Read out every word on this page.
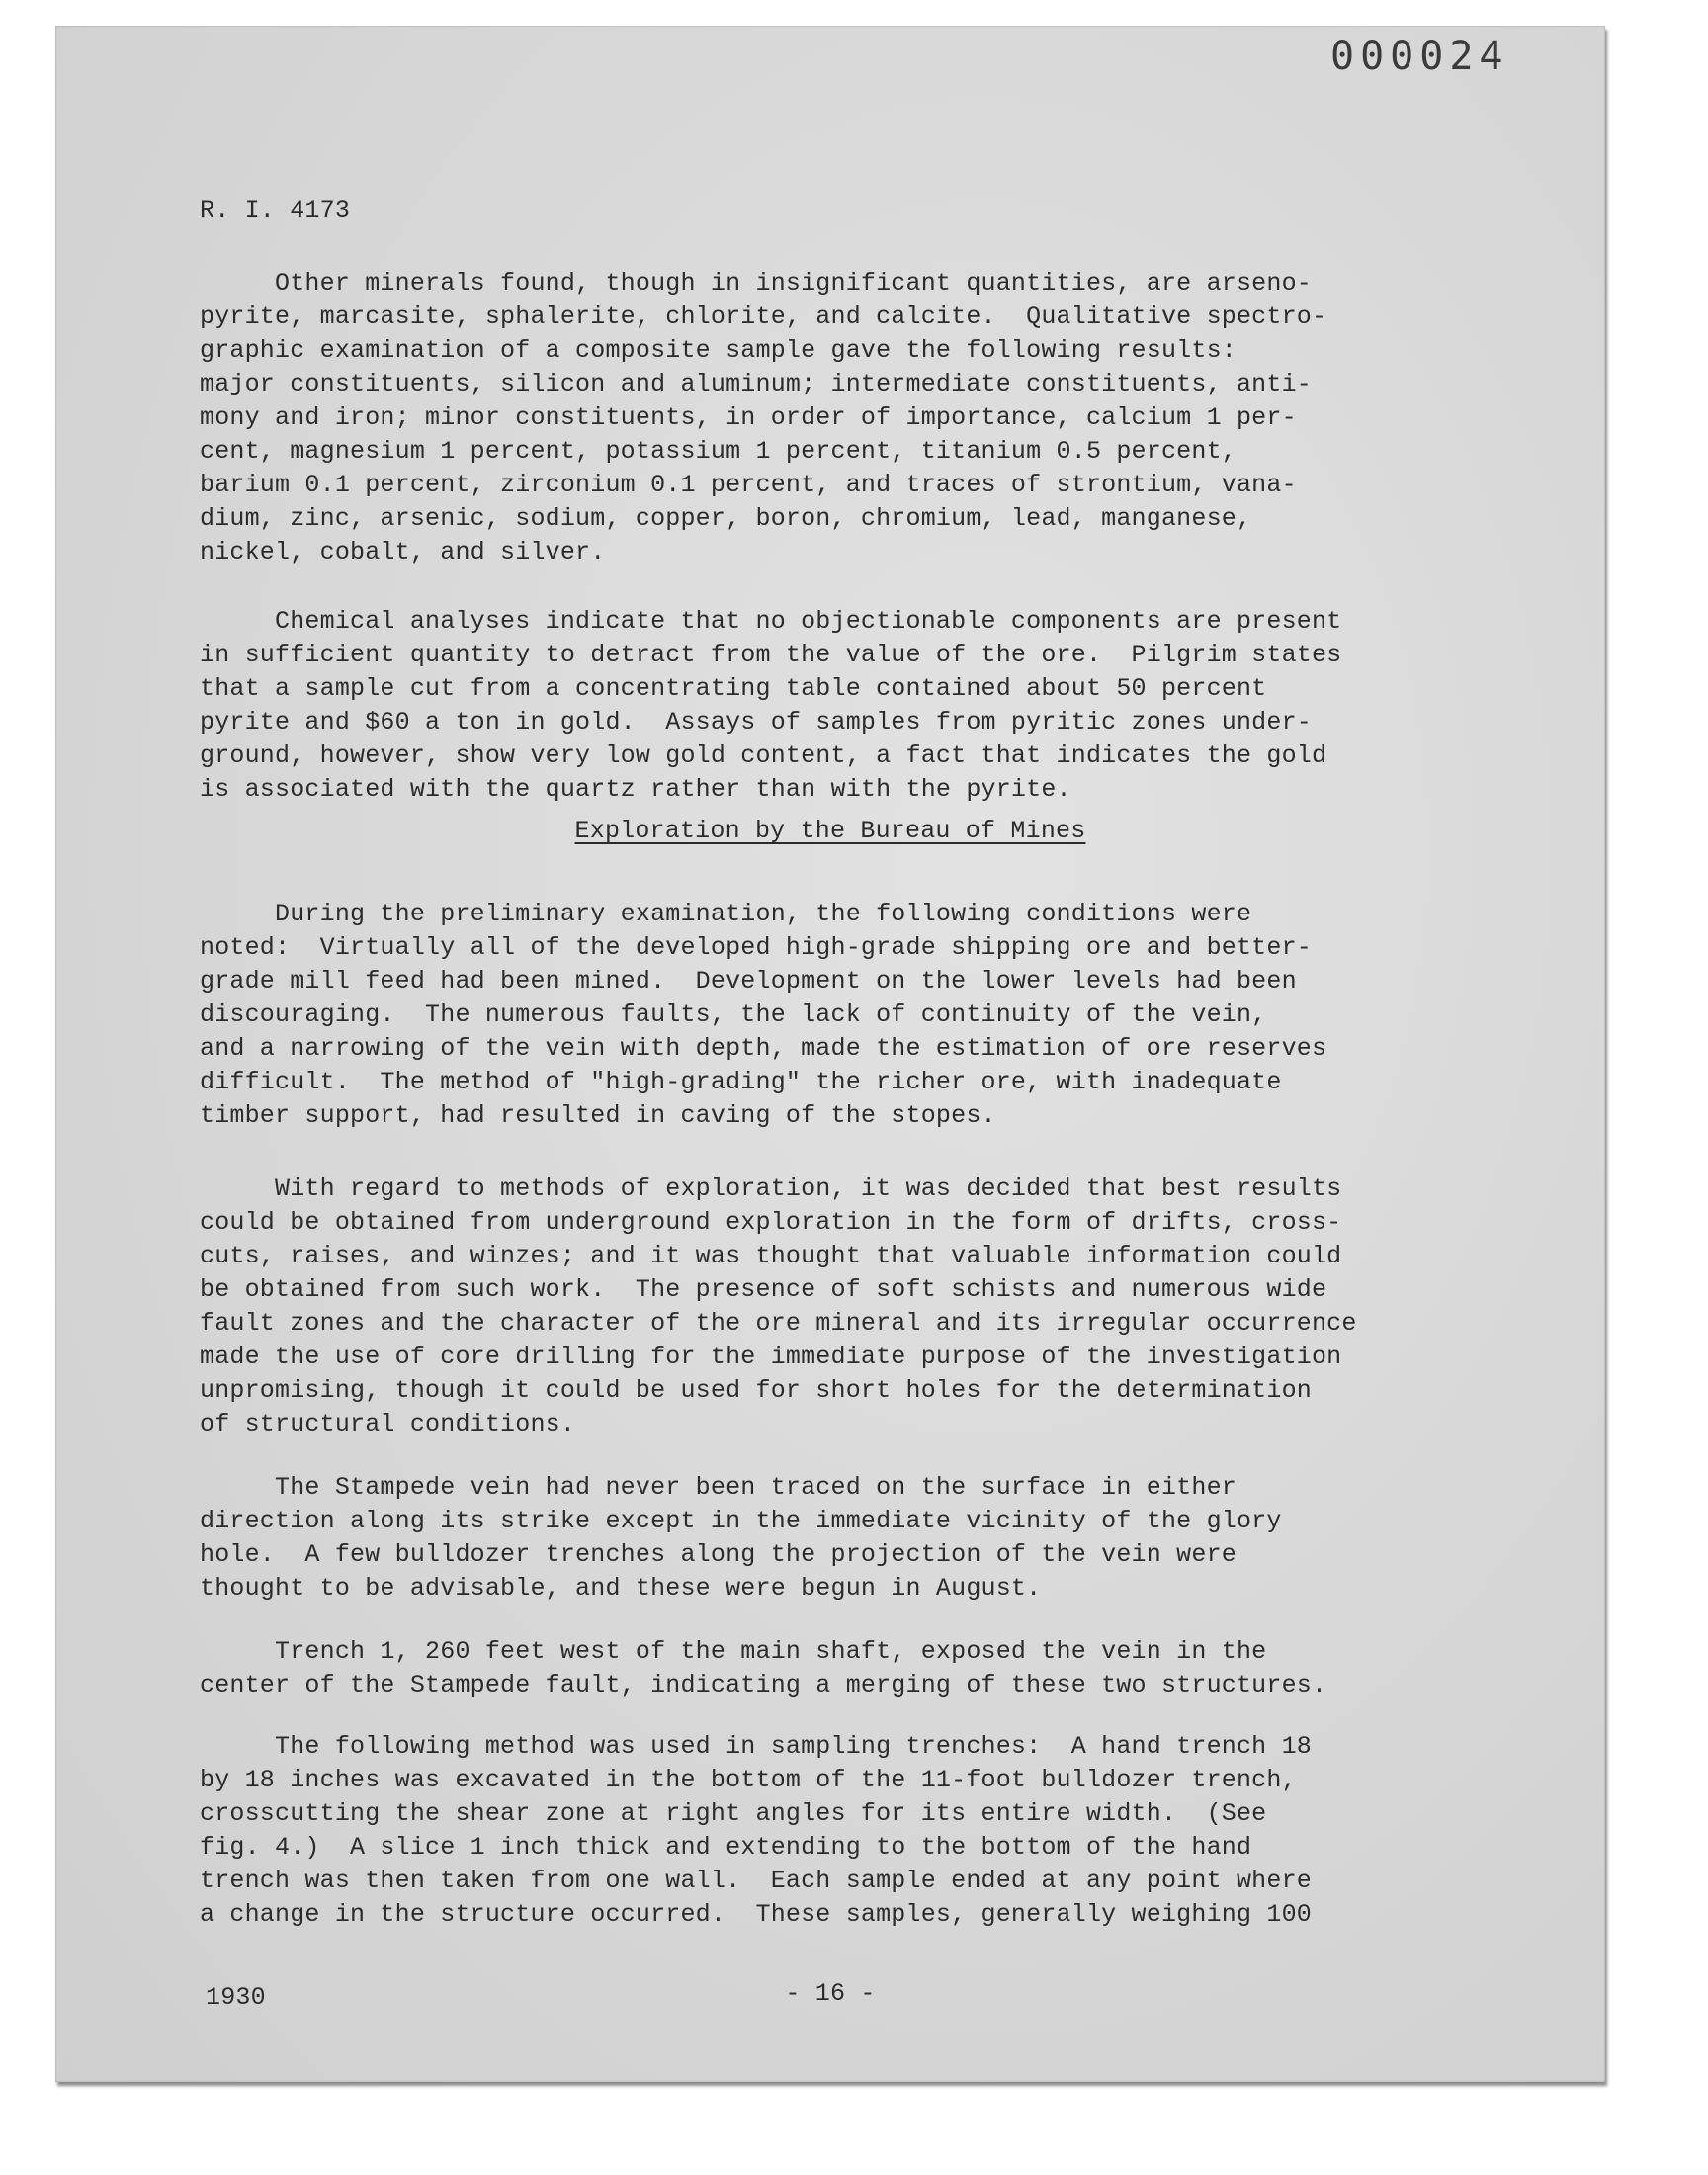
000024
R. I. 4173
Other minerals found, though in insignificant quantities, are arseno-
pyrite, marcasite, sphalerite, chlorite, and calcite.  Qualitative spectro-
graphic examination of a composite sample gave the following results:
major constituents, silicon and aluminum; intermediate constituents, anti-
mony and iron; minor constituents, in order of importance, calcium 1 per-
cent, magnesium 1 percent, potassium 1 percent, titanium 0.5 percent,
barium 0.1 percent, zirconium 0.1 percent, and traces of strontium, vana-
dium, zinc, arsenic, sodium, copper, boron, chromium, lead, manganese,
nickel, cobalt, and silver.
Chemical analyses indicate that no objectionable components are present
in sufficient quantity to detract from the value of the ore.  Pilgrim states
that a sample cut from a concentrating table contained about 50 percent
pyrite and $60 a ton in gold.  Assays of samples from pyritic zones under-
ground, however, show very low gold content, a fact that indicates the gold
is associated with the quartz rather than with the pyrite.
Exploration by the Bureau of Mines
During the preliminary examination, the following conditions were
noted:  Virtually all of the developed high-grade shipping ore and better-
grade mill feed had been mined.  Development on the lower levels had been
discouraging.  The numerous faults, the lack of continuity of the vein,
and a narrowing of the vein with depth, made the estimation of ore reserves
difficult.  The method of "high-grading" the richer ore, with inadequate
timber support, had resulted in caving of the stopes.
With regard to methods of exploration, it was decided that best results
could be obtained from underground exploration in the form of drifts, cross-
cuts, raises, and winzes; and it was thought that valuable information could
be obtained from such work.  The presence of soft schists and numerous wide
fault zones and the character of the ore mineral and its irregular occurrence
made the use of core drilling for the immediate purpose of the investigation
unpromising, though it could be used for short holes for the determination
of structural conditions.
The Stampede vein had never been traced on the surface in either
direction along its strike except in the immediate vicinity of the glory
hole.  A few bulldozer trenches along the projection of the vein were
thought to be advisable, and these were begun in August.
Trench 1, 260 feet west of the main shaft, exposed the vein in the
center of the Stampede fault, indicating a merging of these two structures.
The following method was used in sampling trenches:  A hand trench 18
by 18 inches was excavated in the bottom of the 11-foot bulldozer trench,
crosscutting the shear zone at right angles for its entire width.  (See
fig. 4.)  A slice 1 inch thick and extending to the bottom of the hand
trench was then taken from one wall.  Each sample ended at any point where
a change in the structure occurred.  These samples, generally weighing 100
1930	- 16 -
